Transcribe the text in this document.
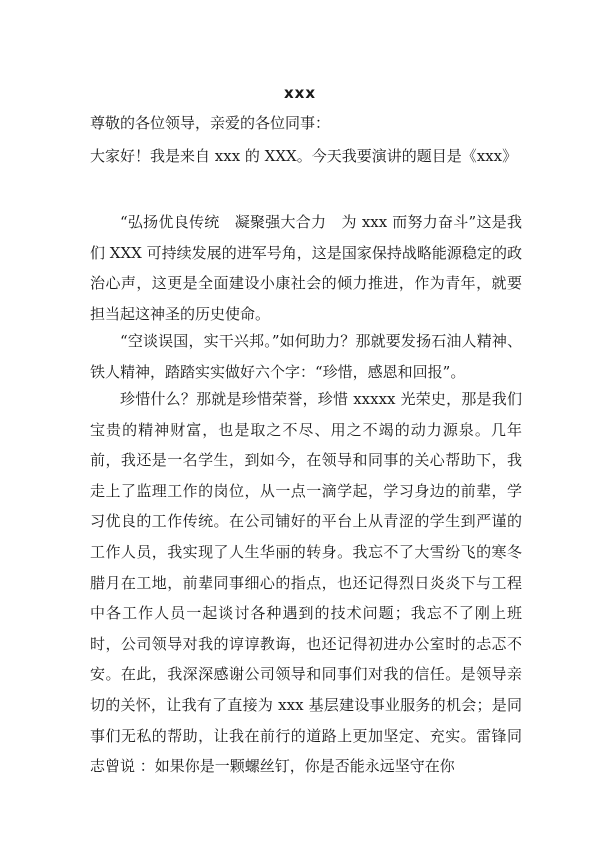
xxx
尊敬的各位领导，亲爱的各位同事：
大家好！我是来自 xxx 的 XXX。今天我要演讲的题目是《xxx》
“弘扬优良传统　凝聚强大合力　为 xxx 而努力奋斗”这是我们 XXX 可持续发展的进军号角，这是国家保持战略能源稳定的政治心声，这更是全面建设小康社会的倾力推进，作为青年，就要担当起这神圣的历史使命。
“空谈误国，实干兴邦。”如何助力？那就要发扬石油人精神、铁人精神，踏踏实实做好六个字：“珍惜，感恩和回报”。
珍惜什么？那就是珍惜荣誉，珍惜 xxxxx 光荣史，那是我们宝贵的精神财富，也是取之不尽、用之不竭的动力源泉。几年前，我还是一名学生，到如今，在领导和同事的关心帮助下，我走上了监理工作的岗位，从一点一滴学起，学习身边的前辈，学习优良的工作传统。在公司铺好的平台上从青涩的学生到严谨的工作人员，我实现了人生华丽的转身。我忘不了大雪纷飞的寒冬腊月在工地，前辈同事细心的指点，也还记得烈日炎炎下与工程中各工作人员一起谈讨各种遇到的技术问题；我忘不了刚上班时，公司领导对我的谆谆教诲，也还记得初进办公室时的忐忑不安。在此，我深深感谢公司领导和同事们对我的信任。是领导亲切的关怀，让我有了直接为 xxx 基层建设事业服务的机会；是同事们无私的帮助，让我在前行的道路上更加坚定、充实。雷锋同志曾说 ：如果你是一颗螺丝钉，你是否能永远坚守在你
